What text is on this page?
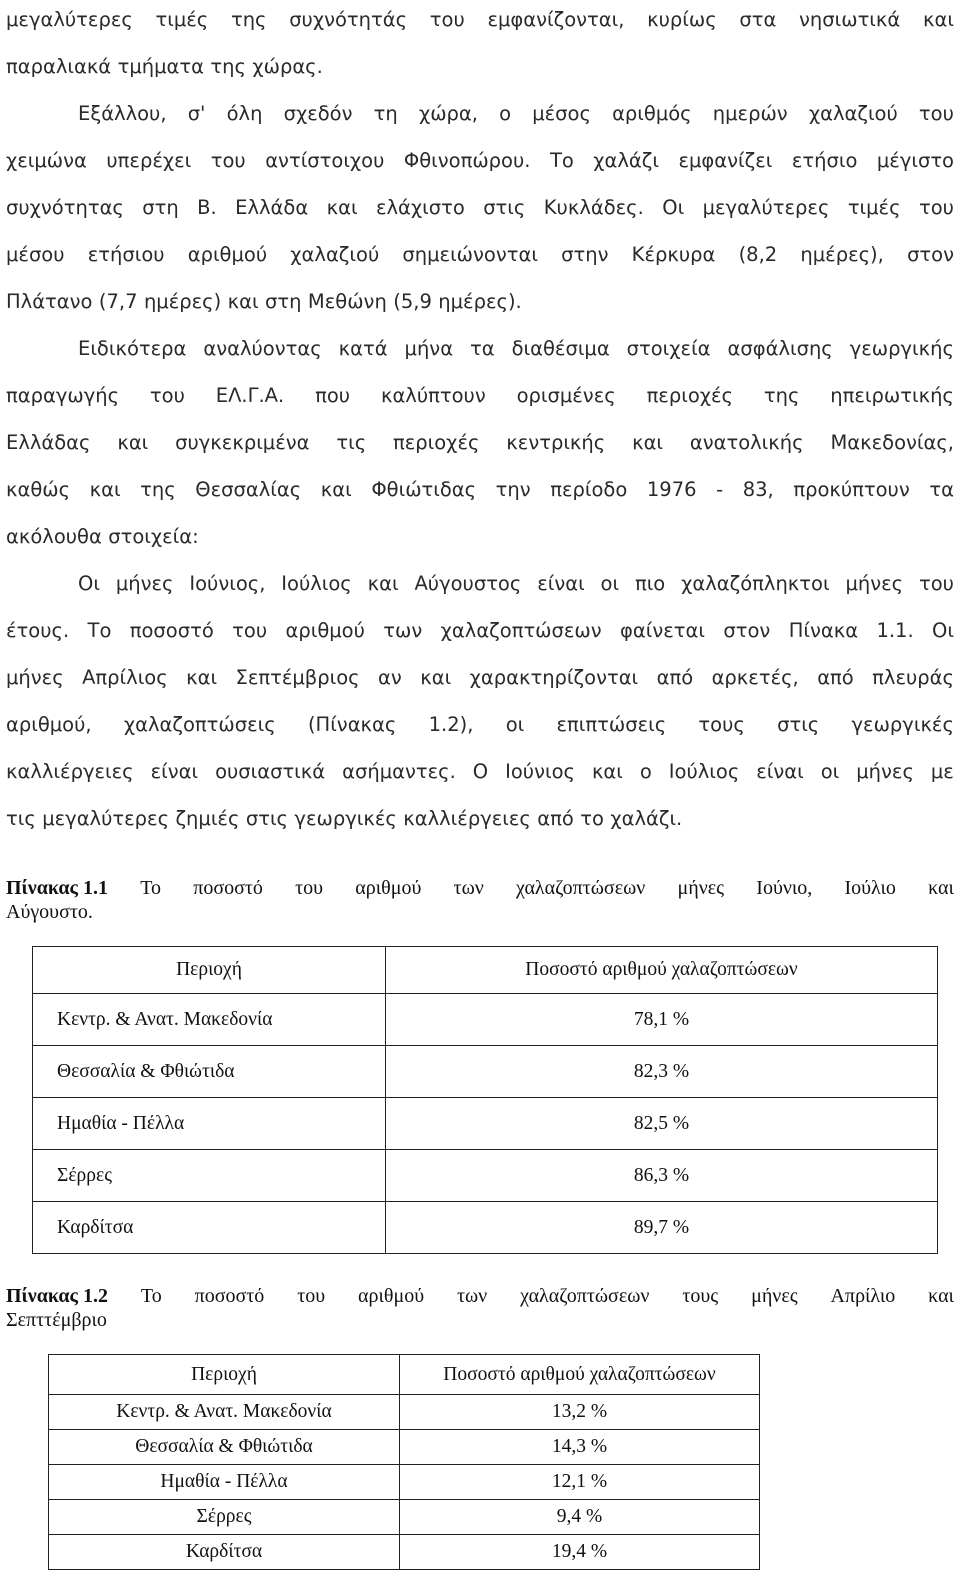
μεγαλύτερες τιμές της συχνότητάς του εμφανίζονται, κυρίως στα νησιωτικά και
παραλιακά τμήματα της χώρας.
Εξάλλου, σ' όλη σχεδόν τη χώρα, ο μέσος αριθμός ημερών χαλαζιού του
χειμώνα υπερέχει του αντίστοιχου Φθινοπώρου. Το χαλάζι εμφανίζει ετήσιο μέγιστο
συχνότητας στη Β. Ελλάδα και ελάχιστο στις Κυκλάδες. Οι μεγαλύτερες τιμές του
μέσου ετήσιου αριθμού χαλαζιού σημειώνονται στην Κέρκυρα (8,2 ημέρες), στον
Πλάτανο (7,7 ημέρες) και στη Μεθώνη (5,9 ημέρες).
Ειδικότερα αναλύοντας κατά μήνα τα διαθέσιμα στοιχεία ασφάλισης γεωργικής
παραγωγής του ΕΛ.Γ.Α. που καλύπτουν ορισμένες περιοχές της ηπειρωτικής
Ελλάδας και συγκεκριμένα τις περιοχές κεντρικής και ανατολικής Μακεδονίας,
καθώς και της Θεσσαλίας και Φθιώτιδας την περίοδο 1976 - 83, προκύπτουν τα
ακόλουθα στοιχεία:
Οι μήνες Ιούνιος, Ιούλιος και Αύγουστος είναι οι πιο χαλαζόπληκτοι μήνες του
έτους. Το ποσοστό του αριθμού των χαλαζοπτώσεων φαίνεται στον Πίνακα 1.1. Οι
μήνες Απρίλιος και Σεπτέμβριος αν και χαρακτηρίζονται από αρκετές, από πλευράς
αριθμού, χαλαζοπτώσεις (Πίνακας 1.2), οι επιπτώσεις τους στις γεωργικές
καλλιέργειες είναι ουσιαστικά ασήμαντες. Ο Ιούνιος και ο Ιούλιος είναι οι μήνες με
τις μεγαλύτερες ζημιές στις γεωργικές καλλιέργειες από το χαλάζι.
Πίνακας 1.1 Το ποσοστό του αριθμού των χαλαζοπτώσεων μήνες Ιούνιο, Ιούλιο και
Αύγουστο.
Περιοχή	Ποσοστό αριθμού χαλαζοπτώσεων
Κεντρ. & Ανατ. Μακεδονία	78,1 %
Θεσσαλία & Φθιώτιδα	82,3 %
Ημαθία - Πέλλα	82,5 %
Σέρρες	86,3 %
Καρδίτσα	89,7 %
Πίνακας 1.2 Το ποσοστό του αριθμού των χαλαζοπτώσεων τους μήνες Απρίλιο και
Σεπττέμβριο
Περιοχή	Ποσοστό αριθμού χαλαζοπτώσεων
Κεντρ. & Ανατ. Μακεδονία	13,2 %
Θεσσαλία & Φθιώτιδα	14,3 %
Ημαθία - Πέλλα	12,1 %
Σέρρες	9,4 %
Καρδίτσα	19,4 %
